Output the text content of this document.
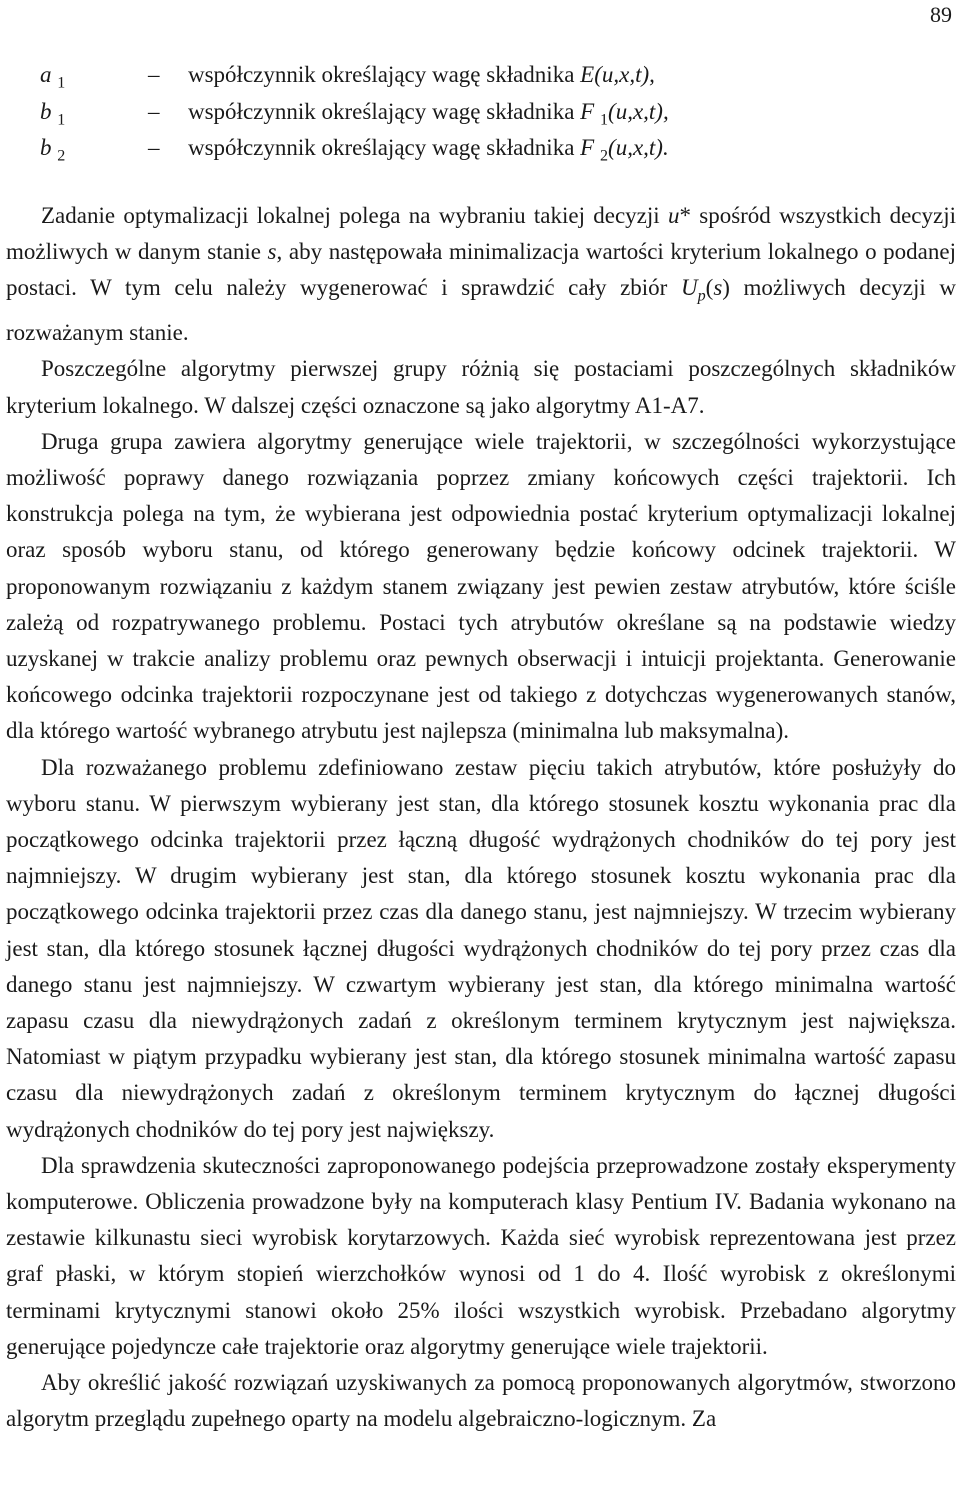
89
a $_1$	–	współczynnik określający wagę składnika E(u,x,t),
b $_1$	–	współczynnik określający wagę składnika F $_1$(u,x,t),
b $_2$	–	współczynnik określający wagę składnika F $_2$(u,x,t).

Zadanie optymalizacji lokalnej polega na wybraniu takiej decyzji u* spośród wszystkich decyzji możliwych w danym stanie s, aby następowała minimalizacja wartości kryterium lokalnego o podanej postaci. W tym celu należy wygenerować i sprawdzić cały zbiór $U_p(s)$ możliwych decyzji w rozważanym stanie.

Poszczególne algorytmy pierwszej grupy różnią się postaciami poszczególnych składników kryterium lokalnego. W dalszej części oznaczone są jako algorytmy A1-A7.

Druga grupa zawiera algorytmy generujące wiele trajektorii, w szczególności wykorzystujące możliwość poprawy danego rozwiązania poprzez zmiany końcowych części trajektorii. Ich konstrukcja polega na tym, że wybierana jest odpowiednia postać kryterium optymalizacji lokalnej oraz sposób wyboru stanu, od którego generowany będzie końcowy odcinek trajektorii. W proponowanym rozwiązaniu z każdym stanem związany jest pewien zestaw atrybutów, które ściśle zależą od rozpatrywanego problemu. Postaci tych atrybutów określane są na podstawie wiedzy uzyskanej w trakcie analizy problemu oraz pewnych obserwacji i intuicji projektanta. Generowanie końcowego odcinka trajektorii rozpoczynane jest od takiego z dotychczas wygenerowanych stanów, dla którego wartość wybranego atrybutu jest najlepsza (minimalna lub maksymalna).

Dla rozważanego problemu zdefiniowano zestaw pięciu takich atrybutów, które posłużyły do wyboru stanu. W pierwszym wybierany jest stan, dla którego stosunek kosztu wykonania prac dla początkowego odcinka trajektorii przez łączną długość wydrążonych chodników do tej pory jest najmniejszy. W drugim wybierany jest stan, dla którego stosunek kosztu wykonania prac dla początkowego odcinka trajektorii przez czas dla danego stanu, jest najmniejszy. W trzecim wybierany jest stan, dla którego stosunek łącznej długości wydrążonych chodników do tej pory przez czas dla danego stanu jest najmniejszy. W czwartym wybierany jest stan, dla którego minimalna wartość zapasu czasu dla niewydrążonych zadań z określonym terminem krytycznym jest największa. Natomiast w piątym przypadku wybierany jest stan, dla którego stosunek minimalna wartość zapasu czasu dla niewydrążonych zadań z określonym terminem krytycznym do łącznej długości wydrążonych chodników do tej pory jest największy.

Dla sprawdzenia skuteczności zaproponowanego podejścia przeprowadzone zostały eksperymenty komputerowe. Obliczenia prowadzone były na komputerach klasy Pentium IV. Badania wykonano na zestawie kilkunastu sieci wyrobisk korytarzowych. Każda sieć wyrobisk reprezentowana jest przez graf płaski, w którym stopień wierzchołków wynosi od 1 do 4. Ilość wyrobisk z określonymi terminami krytycznymi stanowi około 25% ilości wszystkich wyrobisk. Przebadano algorytmy generujące pojedyncze całe trajektorie oraz algorytmy generujące wiele trajektorii.

Aby określić jakość rozwiązań uzyskiwanych za pomocą proponowanych algorytmów, stworzono algorytm przeglądu zupełnego oparty na modelu algebraiczno-logicznym. Za
